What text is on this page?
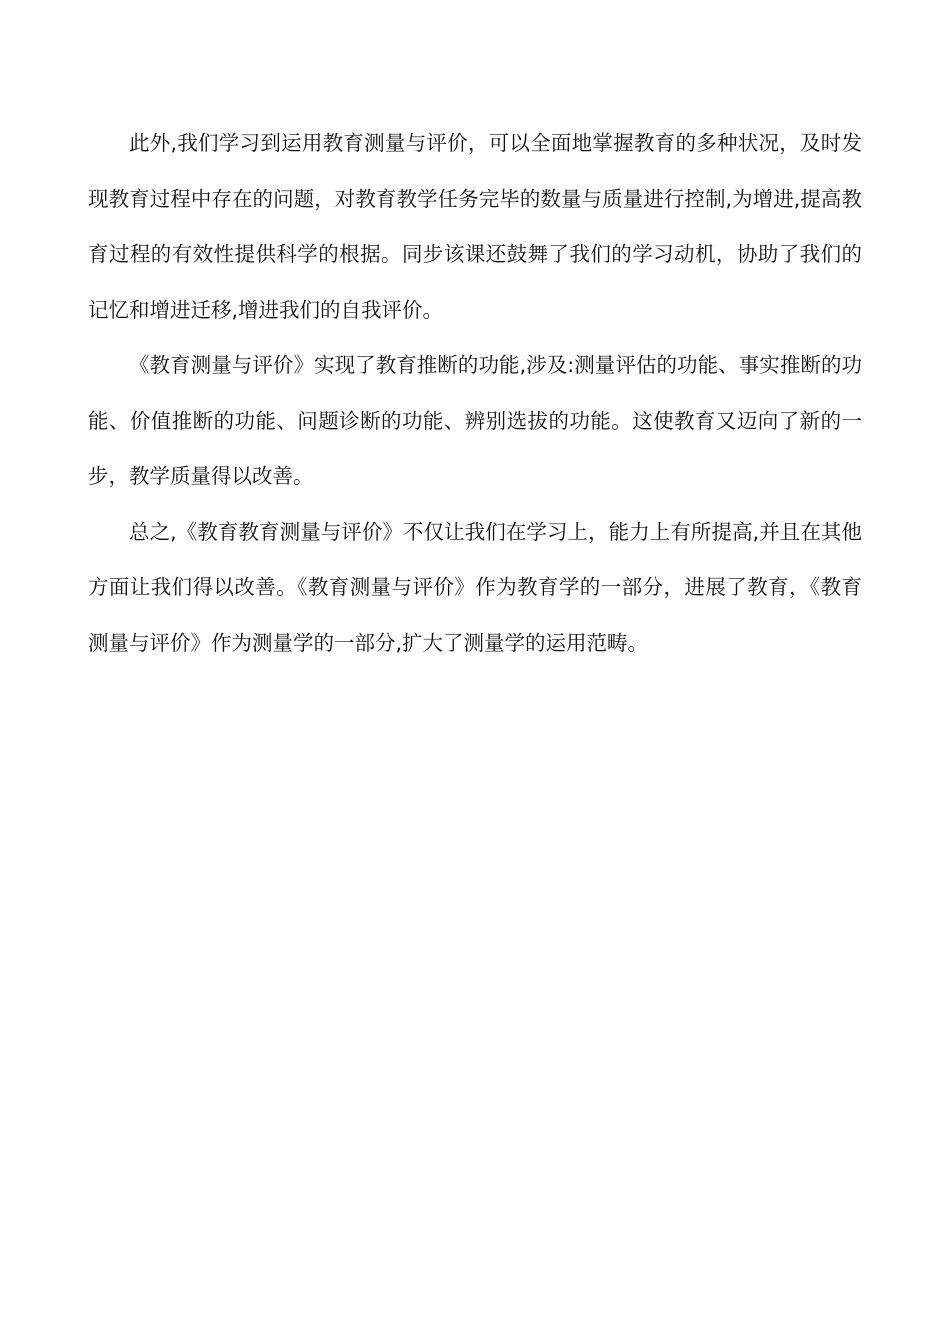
此外,我们学习到运用教育测量与评价，可以全面地掌握教育的多种状况，及时发现教育过程中存在的问题，对教育教学任务完毕的数量与质量进行控制,为增进,提高教育过程的有效性提供科学的根据。同步该课还鼓舞了我们的学习动机，协助了我们的记忆和增进迁移,增进我们的自我评价。

《教育测量与评价》实现了教育推断的功能,涉及:测量评估的功能、事实推断的功能、价值推断的功能、问题诊断的功能、辨别选拔的功能。这使教育又迈向了新的一步，教学质量得以改善。

总之,《教育教育测量与评价》不仅让我们在学习上，能力上有所提高,并且在其他方面让我们得以改善。《教育测量与评价》作为教育学的一部分，进展了教育，《教育测量与评价》作为测量学的一部分,扩大了测量学的运用范畴。
